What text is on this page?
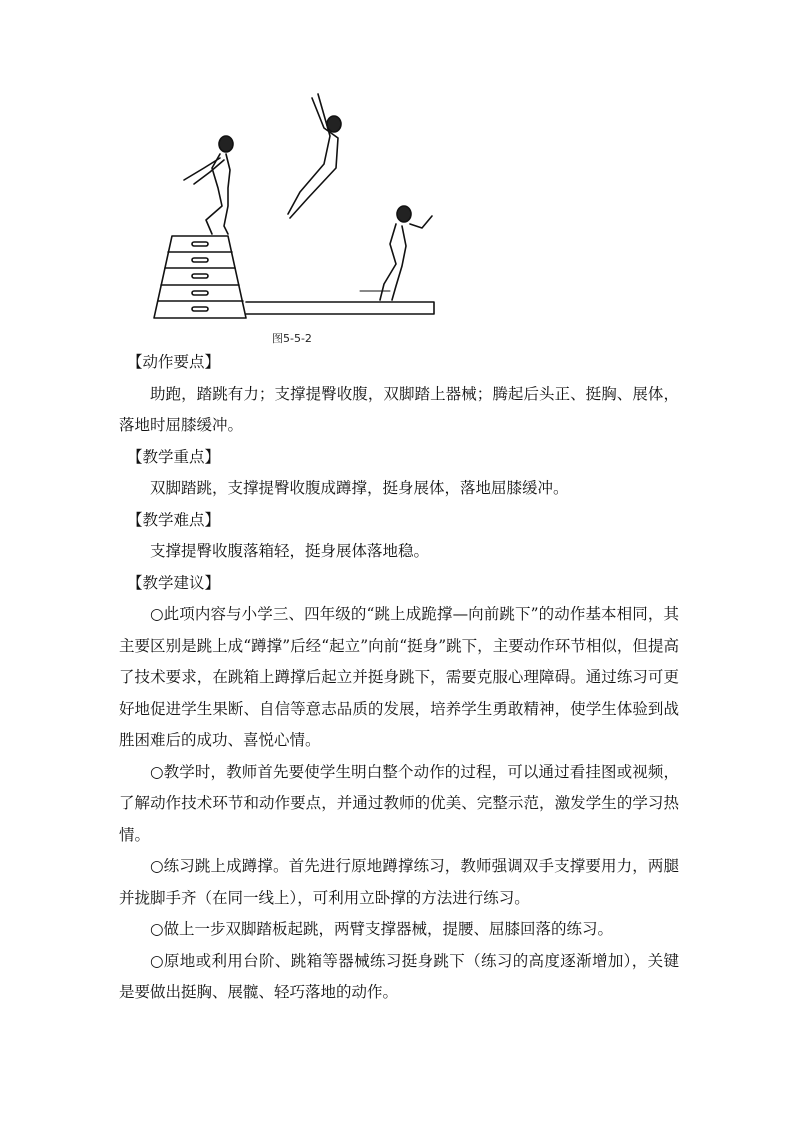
图5-5-2

【动作要点】

助跑，踏跳有力；支撑提臀收腹，双脚踏上器械；腾起后头正、挺胸、展体，落地时屈膝缓冲。

【教学重点】

双脚踏跳，支撑提臀收腹成蹲撑，挺身展体，落地屈膝缓冲。

【教学难点】

支撑提臀收腹落箱轻，挺身展体落地稳。

【教学建议】

○此项内容与小学三、四年级的“跳上成跪撑—向前跳下”的动作基本相同，其主要区别是跳上成“蹲撑”后经“起立”向前“挺身”跳下，主要动作环节相似，但提高了技术要求，在跳箱上蹲撑后起立并挺身跳下，需要克服心理障碍。通过练习可更好地促进学生果断、自信等意志品质的发展，培养学生勇敢精神，使学生体验到战胜困难后的成功、喜悦心情。

○教学时，教师首先要使学生明白整个动作的过程，可以通过看挂图或视频，了解动作技术环节和动作要点，并通过教师的优美、完整示范，激发学生的学习热情。

○练习跳上成蹲撑。首先进行原地蹲撑练习，教师强调双手支撑要用力，两腿并拢脚手齐（在同一线上），可利用立卧撑的方法进行练习。

○做上一步双脚踏板起跳，两臂支撑器械，提腰、屈膝回落的练习。

○原地或利用台阶、跳箱等器械练习挺身跳下（练习的高度逐渐增加），关键是要做出挺胸、展髋、轻巧落地的动作。
